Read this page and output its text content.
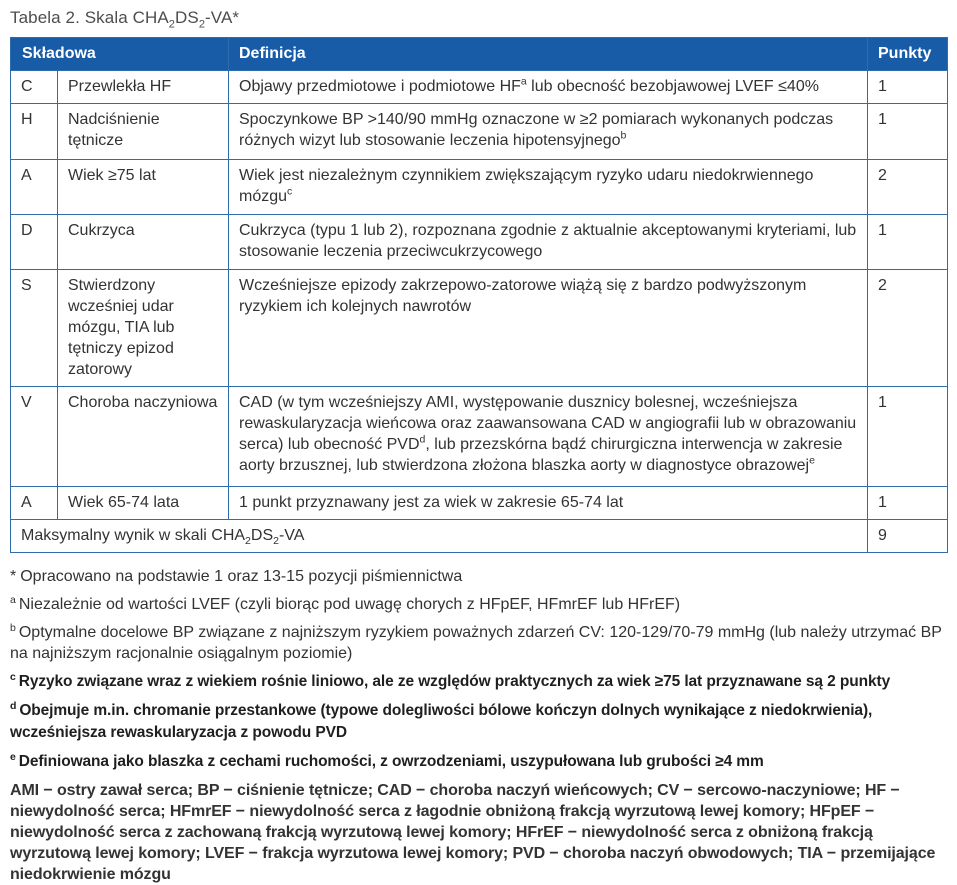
Tabela 2. Skala $CHA_2DS_2-VA*$

Składowa		Definicja	Punkty
C	Przewlekła HF	Objawy przedmiotowe i podmiotowe $HF^a$ lub obecność bezobjawowej LVEF ≤40%	1
H	Nadciśnienie tętnicze	Spoczynkowe BP >140/90 mmHg oznaczone w ≥2 pomiarach wykonanych podczas różnych wizyt lub stosowanie leczenia hipotensyjnego$^b$	1
A	Wiek ≥75 lat	Wiek jest niezależnym czynnikiem zwiększającym ryzyko udaru niedokrwiennego mózgu$^c$	2
D	Cukrzyca	Cukrzyca (typu 1 lub 2), rozpoznana zgodnie z aktualnie akceptowanymi kryteriami, lub stosowanie leczenia przeciwcukrzycowego	1
S	Stwierdzony wcześniej udar mózgu, TIA lub tętniczy epizod zatorowy	Wcześniejsze epizody zakrzepowo-zatorowe wiążą się z bardzo podwyższonym ryzykiem ich kolejnych nawrotów	2
V	Choroba naczyniowa	CAD (w tym wcześniejszy AMI, występowanie dusznicy bolesnej, wcześniejsza rewaskularyzacja wieńcowa oraz zaawansowana CAD w angiografii lub w obrazowaniu serca) lub obecność PVD$^d$, lub przezskórna bądź chirurgiczna interwencja w zakresie aorty brzusznej, lub stwierdzona złożona blaszka aorty w diagnostyce obrazowej$^e$	1
A	Wiek 65-74 lata	1 punkt przyznawany jest za wiek w zakresie 65-74 lat	1
Maksymalny wynik w skali $CHA_2DS_2-VA$			9

* Opracowano na podstawie 1 oraz 13-15 pozycji piśmiennictwa

$^a$ Niezależnie od wartości LVEF (czyli biorąc pod uwagę chorych z HFpEF, HFmrEF lub HFrEF)

$^b$ Optymalne docelowe BP związane z najniższym ryzykiem poważnych zdarzeń CV: 120-129/70-79 mmHg (lub należy utrzymać BP na najniższym racjonalnie osiągalnym poziomie)

$^c$ Ryzyko związane wraz z wiekiem rośnie liniowo, ale ze względów praktycznych za wiek ≥75 lat przyznawane są 2 punkty

$^d$ Obejmuje m.in. chromanie przestankowe (typowe dolegliwości bólowe kończyn dolnych wynikające z niedokrwienia), wcześniejsza rewaskularyzacja z powodu PVD

$^e$ Definiowana jako blaszka z cechami ruchomości, z owrzodzeniami, uszypułowana lub grubości ≥4 mm

AMI − ostry zawał serca; BP − ciśnienie tętnicze; CAD − choroba naczyń wieńcowych; CV − sercowo-naczyniowe; HF − niewydolność serca; HFmrEF − niewydolność serca z łagodnie obniżoną frakcją wyrzutową lewej komory; HFpEF − niewydolność serca z zachowaną frakcją wyrzutową lewej komory; HFrEF − niewydolność serca z obniżoną frakcją wyrzutową lewej komory; LVEF − frakcja wyrzutowa lewej komory; PVD − choroba naczyń obwodowych; TIA − przemijające niedokrwienie mózgu
